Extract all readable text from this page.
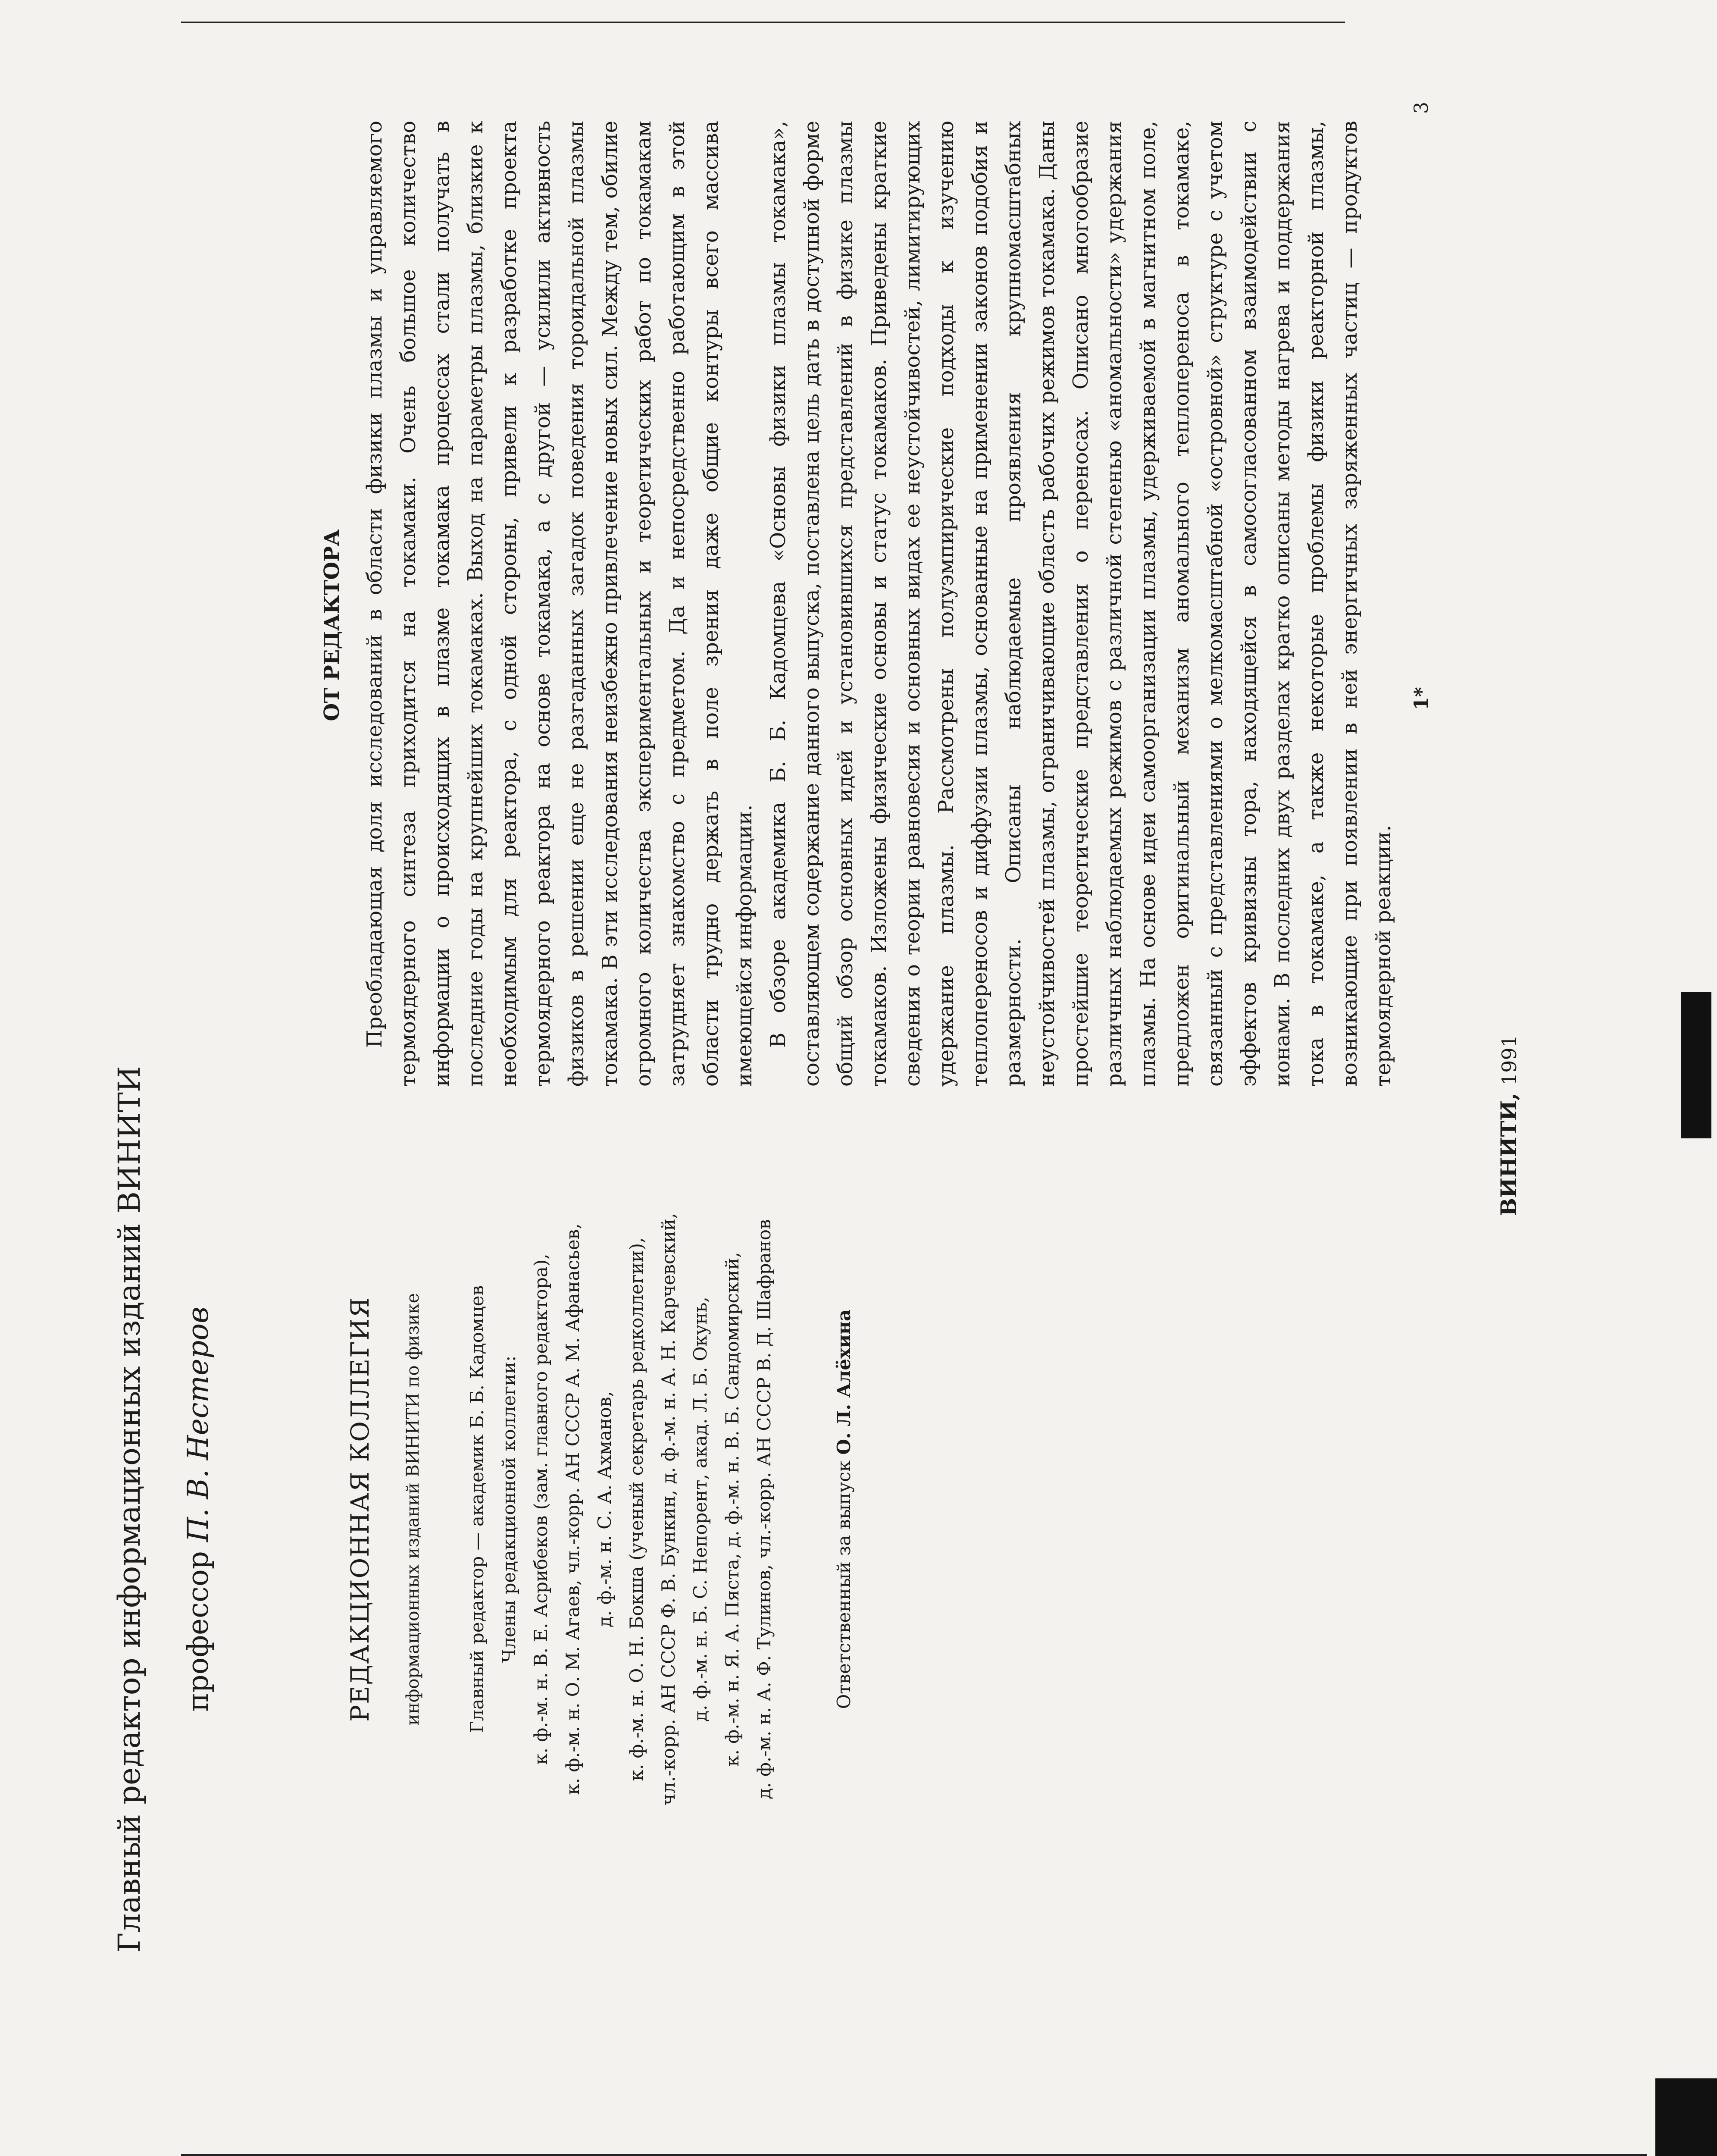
Главный редактор информационных изданий ВИНИТИ профессор П. В. Нестеров	РЕДАКЦИОННАЯ КОЛЛЕГИЯ информационных изданий ВИНИТИ по физике Главный редактор — академик Б. Б. Кадомцев Члены редакционной коллегии: к. ф.-м. н. В. Е. Асрибеков (зам. главного редактора), к. ф.-м. н. О. М. Агаев, чл.-корр. АН СССР А. М. Афанасьев, д. ф.-м. н. С. А. Ахманов, к. ф.-м. н. О. Н. Бокша (ученый секретарь редколлегии), чл.-корр. АН СССР Ф. В. Бункин, д. ф.-м. н. А. Н. Карчевский, д. ф.-м. н. Б. С. Непорент, акад. Л. Б. Окунь, к. ф.-м. н. Я. А. Пяста, д. ф.-м. н. В. Б. Сандомирский, д. ф.-м. н. А. Ф. Тулинов, чл.-корр. АН СССР В. Д. Шафранов	Ответственный за выпуск О. Л. Алёхина
ВИНИТИ, 1991
ОТ РЕДАКТОРА Преобладающая доля исследований в области физики плазмы и управляемого термоядерного синтеза приходится на токамаки. Очень большое количество информации о происходящих в плазме токамака процессах стали получать в последние годы на крупнейших токамаках. Выход на параметры плазмы, близкие к необходимым для реактора, с одной стороны, привели к разработке проекта термоядерного реактора на основе токамака, а с другой — усилили активность физиков в решении еще не разгаданных загадок поведения тороидальной плазмы токамака. В эти исследования неизбежно привлечение новых сил. Между тем, обилие огромного количества экспериментальных и теоретических работ по токамакам затрудняет знакомство с предметом. Да и непосредственно работающим в этой области трудно держать в поле зрения даже общие контуры всего массива имеющейся информации. В обзоре академика Б. Б. Кадомцева «Основы физики плазмы токамака», составляющем содержание данного выпуска, поставлена цель дать в доступной форме общий обзор основных идей и установившихся представлений в физике плазмы токамаков. Изложены физические основы и статус токамаков. Приведены краткие сведения о теории равновесия и основных видах ее неустойчивостей, лимитирующих удержание плазмы. Рассмотрены полуэмпирические подходы к изучению теплопереносов и диффузии плазмы, основанные на применении законов подобия и размерности. Описаны наблюдаемые проявления крупномасштабных неустойчивостей плазмы, ограничивающие область рабочих режимов токамака. Даны простейшие теоретические представления о переносах. Описано многообразие различных наблюдаемых режимов с различной степенью «аномальности» удержания плазмы. На основе идеи самоорганизации плазмы, удерживаемой в магнитном поле, предложен оригинальный механизм аномального теплопереноса в токамаке, связанный с представлениями о мелкомасштабной «островной» структуре с учетом эффектов кривизны тора, находящейся в самосогласованном взаимодействии с ионами. В последних двух разделах кратко описаны методы нагрева и поддержания тока в токамаке, а также некоторые проблемы физики реакторной плазмы, возникающие при появлении в ней энергичных заряженных частиц — продуктов термоядерной реакции.

1*
3
